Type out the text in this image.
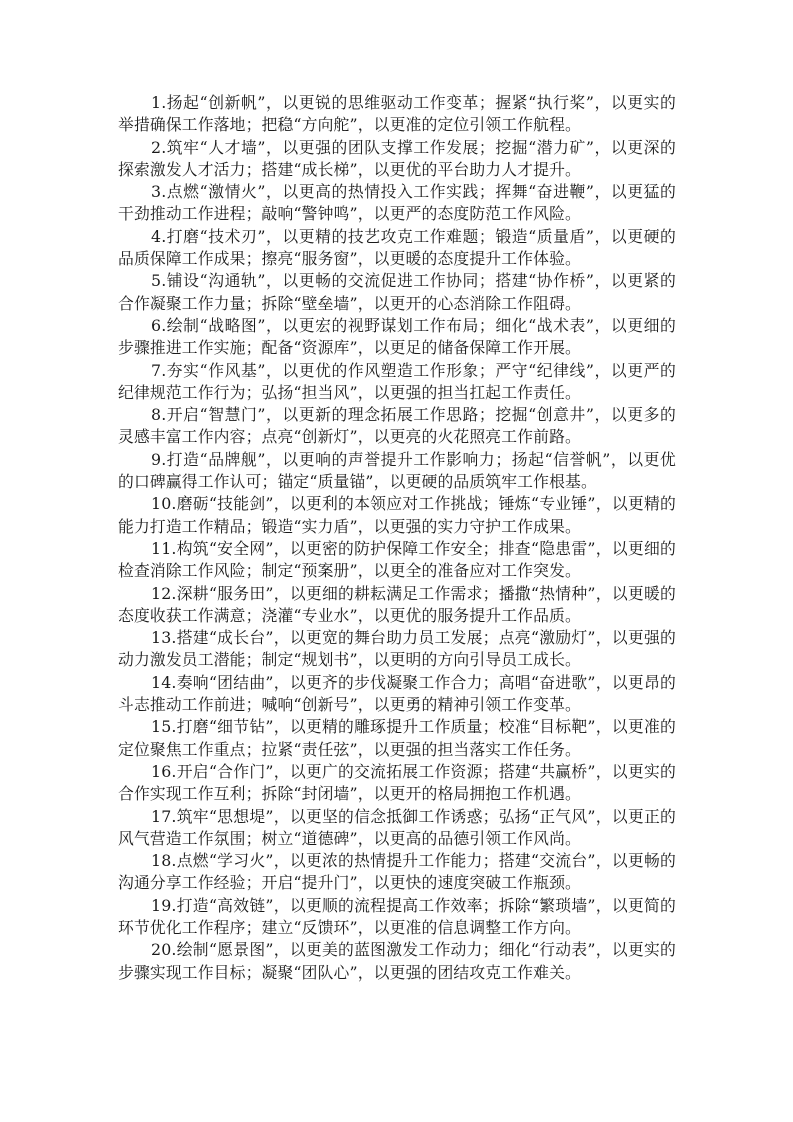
1.扬起“创新帆”，以更锐的思维驱动工作变革；握紧“执行桨”，以更实的举措确保工作落地；把稳“方向舵”，以更准的定位引领工作航程。

2.筑牢“人才墙”，以更强的团队支撑工作发展；挖掘“潜力矿”，以更深的探索激发人才活力；搭建“成长梯”，以更优的平台助力人才提升。

3.点燃“激情火”，以更高的热情投入工作实践；挥舞“奋进鞭”，以更猛的干劲推动工作进程；敲响“警钟鸣”，以更严的态度防范工作风险。

4.打磨“技术刃”，以更精的技艺攻克工作难题；锻造“质量盾”，以更硬的品质保障工作成果；擦亮“服务窗”，以更暖的态度提升工作体验。

5.铺设“沟通轨”，以更畅的交流促进工作协同；搭建“协作桥”，以更紧的合作凝聚工作力量；拆除“壁垒墙”，以更开的心态消除工作阻碍。

6.绘制“战略图”，以更宏的视野谋划工作布局；细化“战术表”，以更细的步骤推进工作实施；配备“资源库”，以更足的储备保障工作开展。

7.夯实“作风基”，以更优的作风塑造工作形象；严守“纪律线”，以更严的纪律规范工作行为；弘扬“担当风”，以更强的担当扛起工作责任。

8.开启“智慧门”，以更新的理念拓展工作思路；挖掘“创意井”，以更多的灵感丰富工作内容；点亮“创新灯”，以更亮的火花照亮工作前路。

9.打造“品牌舰”，以更响的声誉提升工作影响力；扬起“信誉帆”，以更优的口碑赢得工作认可；锚定“质量锚”，以更硬的品质筑牢工作根基。

10.磨砺“技能剑”，以更利的本领应对工作挑战；锤炼“专业锤”，以更精的能力打造工作精品；锻造“实力盾”，以更强的实力守护工作成果。

11.构筑“安全网”，以更密的防护保障工作安全；排查“隐患雷”，以更细的检查消除工作风险；制定“预案册”，以更全的准备应对工作突发。

12.深耕“服务田”，以更细的耕耘满足工作需求；播撒“热情种”，以更暖的态度收获工作满意；浇灌“专业水”，以更优的服务提升工作品质。

13.搭建“成长台”，以更宽的舞台助力员工发展；点亮“激励灯”，以更强的动力激发员工潜能；制定“规划书”，以更明的方向引导员工成长。

14.奏响“团结曲”，以更齐的步伐凝聚工作合力；高唱“奋进歌”，以更昂的斗志推动工作前进；喊响“创新号”，以更勇的精神引领工作变革。

15.打磨“细节钻”，以更精的雕琢提升工作质量；校准“目标靶”，以更准的定位聚焦工作重点；拉紧“责任弦”，以更强的担当落实工作任务。

16.开启“合作门”，以更广的交流拓展工作资源；搭建“共赢桥”，以更实的合作实现工作互利；拆除“封闭墙”，以更开的格局拥抱工作机遇。

17.筑牢“思想堤”，以更坚的信念抵御工作诱惑；弘扬“正气风”，以更正的风气营造工作氛围；树立“道德碑”，以更高的品德引领工作风尚。

18.点燃“学习火”，以更浓的热情提升工作能力；搭建“交流台”，以更畅的沟通分享工作经验；开启“提升门”，以更快的速度突破工作瓶颈。

19.打造“高效链”，以更顺的流程提高工作效率；拆除“繁琐墙”，以更简的环节优化工作程序；建立“反馈环”，以更准的信息调整工作方向。

20.绘制“愿景图”，以更美的蓝图激发工作动力；细化“行动表”，以更实的步骤实现工作目标；凝聚“团队心”，以更强的团结攻克工作难关。
